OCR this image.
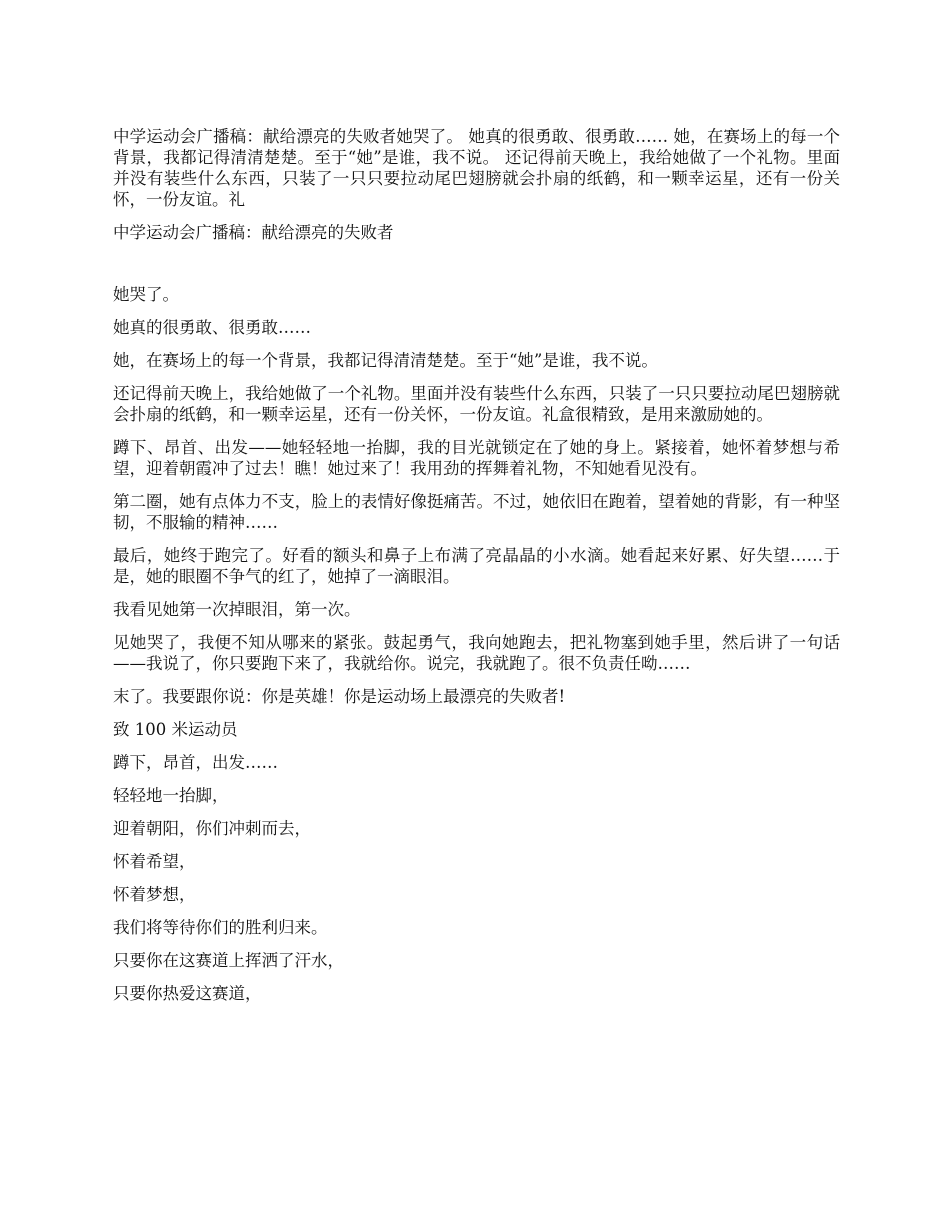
中学运动会广播稿：献给漂亮的失败者她哭了。 她真的很勇敢、很勇敢…… 她，在赛场上的每一个背景，我都记得清清楚楚。至于“她”是谁，我不说。 还记得前天晚上，我给她做了一个礼物。里面并没有装些什么东西，只装了一只只要拉动尾巴翅膀就会扑扇的纸鹤，和一颗幸运星，还有一份关怀，一份友谊。礼

中学运动会广播稿：献给漂亮的失败者

她哭了。

她真的很勇敢、很勇敢……

她，在赛场上的每一个背景，我都记得清清楚楚。至于“她”是谁，我不说。

还记得前天晚上，我给她做了一个礼物。里面并没有装些什么东西，只装了一只只要拉动尾巴翅膀就会扑扇的纸鹤，和一颗幸运星，还有一份关怀，一份友谊。礼盒很精致，是用来激励她的。

蹲下、昂首、出发——她轻轻地一抬脚，我的目光就锁定在了她的身上。紧接着，她怀着梦想与希望，迎着朝霞冲了过去！瞧！她过来了！我用劲的挥舞着礼物，不知她看见没有。

第二圈，她有点体力不支，脸上的表情好像挺痛苦。不过，她依旧在跑着，望着她的背影，有一种坚韧，不服输的精神……

最后，她终于跑完了。好看的额头和鼻子上布满了亮晶晶的小水滴。她看起来好累、好失望……于是，她的眼圈不争气的红了，她掉了一滴眼泪。

我看见她第一次掉眼泪，第一次。

见她哭了，我便不知从哪来的紧张。鼓起勇气，我向她跑去，把礼物塞到她手里，然后讲了一句话——我说了，你只要跑下来了，我就给你。说完，我就跑了。很不负责任呦……

末了。我要跟你说：你是英雄！你是运动场上最漂亮的失败者!

致 100 米运动员

蹲下，昂首，出发……

轻轻地一抬脚，

迎着朝阳，你们冲刺而去，

怀着希望，

怀着梦想，

我们将等待你们的胜利归来。

只要你在这赛道上挥洒了汗水，

只要你热爱这赛道，
